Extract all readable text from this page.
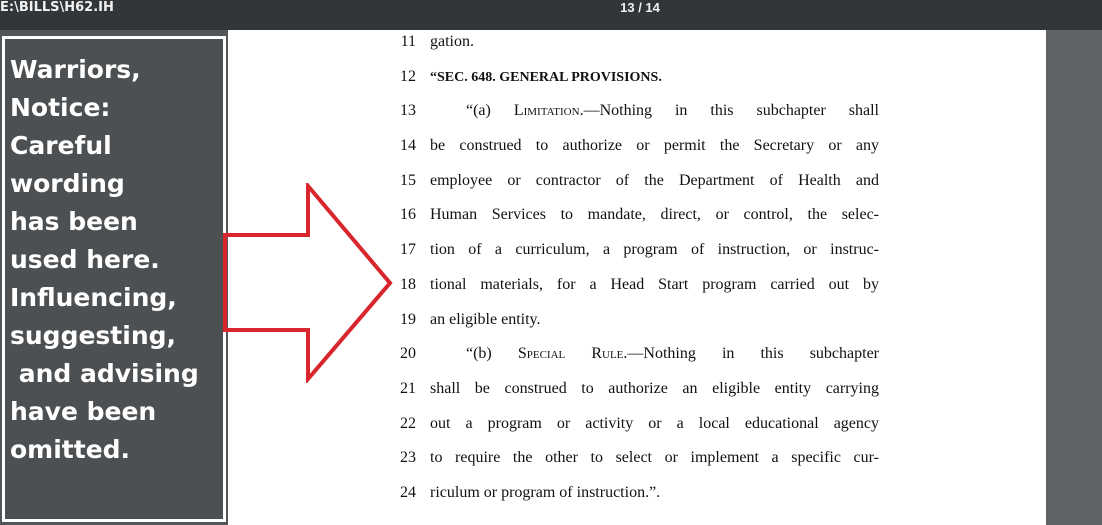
E:\BILLS\H62.IH	13 / 14
11 gation.
12 “SEC. 648. GENERAL PROVISIONS.
13	“(a) Limitation.—Nothing in this subchapter shall
14 be construed to authorize or permit the Secretary or any
15 employee or contractor of the Department of Health and
16 Human Services to mandate, direct, or control, the selec-
17 tion of a curriculum, a program of instruction, or instruc-
18 tional materials, for a Head Start program carried out by
19 an eligible entity.
20	“(b) Special Rule.—Nothing in this subchapter
21 shall be construed to authorize an eligible entity carrying
22 out a program or activity or a local educational agency
23 to require the other to select or implement a specific cur-
24 riculum or program of instruction.”.
Warriors,
Notice:
Careful
wording
has been
used here.
Influencing,
suggesting,
and advising
have been
omitted.
